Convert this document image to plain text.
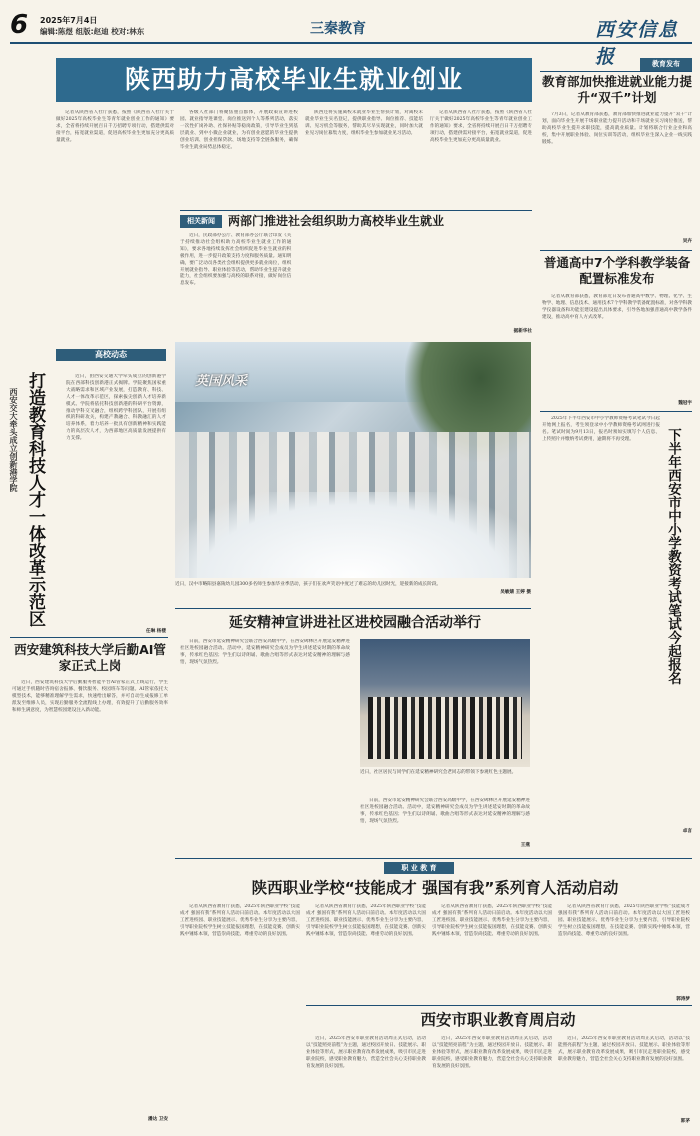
6 2025年7月4日
编辑:陈煜 组版:赵迪 校对:林东	三秦教育	西安信息报
陕西助力高校毕业生就业创业
记者从陕西省人社厅获悉，按照《陕西省人社厅关于做好2025年高校毕业生等青年就业创业工作的通知》要求，全省将持续开展百日千万招聘专项行动，搭建供需对接平台，拓宽就业渠道，促进高校毕业生更加充分更高质量就业。
各级人社部门将聚焦重点群体，开展政策宣讲进校园、就业指导进课堂、岗位推送到个人等系列活动，落实一次性扩岗补助、社保补贴等稳岗政策，引导毕业生到基层就业、到中小微企业就业，为有创业意愿的毕业生提供创业培训、创业担保贷款、场地支持等全链条服务，确保毕业生就业局势总体稳定。
陕西还将实施离校未就业毕业生帮扶计划，对离校未就业毕业生实名登记，提供职业指导、岗位推荐、技能培训、见习机会等服务，帮助其尽早实现就业，同时加大就业见习岗位募集力度，组织毕业生参加就业见习活动。
记者从陕西省人社厅获悉，按照《陕西省人社厅关于做好2025年高校毕业生等青年就业创业工作的通知》要求，全省将持续开展百日千万招聘专项行动，搭建供需对接平台，拓宽就业渠道，促进高校毕业生更加充分更高质量就业。
相关新闻	两部门推进社会组织助力高校毕业生就业
近日，民政部办公厅、教育部办公厅联合印发《关于持续推动社会组织助力高校毕业生就业工作的通知》，要求各地持续发挥社会组织促进毕业生就业的积极作用，进一步提升政策支持力度和服务质量。通知明确，要广泛动员各类社会组织提供更多就业岗位，组织开展就业指导、职业体验等活动，帮助毕业生提升就业能力，社会组织要加强与高校的联系对接，做好岗位信息发布。
据新华社
高校动态
打造教育科技人才一体改革示范区
西安交大牵头成立创新港学院
近日，由西安交通大学牵头成立的创新港学院在西部科技创新港正式揭牌。学院聚焦国家重大战略需求和区域产业发展，打造教育、科技、人才一体改革示范区，探索拔尖创新人才培养新模式。学院将依托科技创新港的科研平台资源，推动学科交叉融合，组织跨学科团队，开展有组织的科研攻关，构建产教融合、科教融汇的人才培养体系，着力培养一批具有创新精神和实践能力的高层次人才，为西部地区高质量发展提供有力支撑。
任琳 杨楼
西安建筑科技大学后勤AI管家正式上岗
近日，西安建筑科技大学后勤服务智能平台AI管家正式上线运行，学生可通过手机随时咨询宿舍报修、餐饮服务、校园班车等问题。AI管家依托大模型技术，能够精准理解学生需求，快速给出解答，并可自动生成报修工单派发至维修人员，实现后勤服务全流程线上办理，有效提升了后勤服务效率和师生满意度，为智慧校园建设注入新动能。
潘达 卫安
英国风采
近日，汉中市略阳县嘉陵幼儿园300多名师生参加毕业季活动，孩子们在欢声笑语中度过了难忘的幼儿园时光，迎接新的成长阶段。
吴敏婧 王婷 摄
延安精神宣讲进社区进校园融合活动举行
日前，西安市延安精神研究会联合西安高级中学，在西安碑林区开展延安精神进社区进校园融合活动。活动中，延安精神研究会成员为学生讲述延安时期的革命故事，传承红色基因；学生们以诗朗诵、歌曲合唱等形式表达对延安精神的理解与感悟，现场气氛热烈。
近日，社区居民与同学们在延安精神研究会老同志的带领下参观红色主题展。
日前，西安市延安精神研究会联合西安高级中学，在西安碑林区开展延安精神进社区进校园融合活动。活动中，延安精神研究会成员为学生讲述延安时期的革命故事，传承红色基因；学生们以诗朗诵、歌曲合唱等形式表达对延安精神的理解与感悟，现场气氛热烈。
王燕
教育发布
教育部加快推进就业能力提升“双千”计划
7月3日，记者从教育部获悉，教育部加快推进就业能力提升“双千”计划，面向毕业生开展千场职业能力提升活动和千场就业实习岗位推送，帮助高校毕业生提升求职技能，提高就业质量。计划将联合行业企业和高校，集中开展职业体验、岗位实训等活动，组织毕业生深入企业一线实践锻炼。
吴卉
普通高中7个学科教学装备配置标准发布
记者从教育部获悉，教育部近日发布普通高中数学、物理、化学、生物学、地理、信息技术、通用技术7个学科教学装备配置标准，对各学科教学仪器设备和功能室建设提出具体要求，引导各地加强普通高中教学条件建设，推动高中育人方式改革。
魏冠宇
2025年下半年西安市中小学教师资格考试笔试今日起开始网上报名，考生须登录中小学教师资格考试网进行报名。笔试时间为9月13日，报名时须如实填写个人信息、上传照片并缴纳考试费用，逾期将不再受理。	下半年西安市中小学教资考试笔试今起报名
卓言
职 业 教 育
陕西职业学校“技能成才 强国有我”系列育人活动启动
记者从陕西省教育厅获悉，2025年陕西职业学校“技能成才 强国有我”系列育人活动日前启动。本年度活动以大国工匠进校园、职业技能展示、优秀毕业生分享为主要内容，引导职业院校学生树立技能报国理想，在技能竞赛、创新实践中锤炼本领，营造崇尚技能、尊重劳动的良好氛围。
记者从陕西省教育厅获悉，2025年陕西职业学校“技能成才 强国有我”系列育人活动日前启动。本年度活动以大国工匠进校园、职业技能展示、优秀毕业生分享为主要内容，引导职业院校学生树立技能报国理想，在技能竞赛、创新实践中锤炼本领，营造崇尚技能、尊重劳动的良好氛围。
记者从陕西省教育厅获悉，2025年陕西职业学校“技能成才 强国有我”系列育人活动日前启动。本年度活动以大国工匠进校园、职业技能展示、优秀毕业生分享为主要内容，引导职业院校学生树立技能报国理想，在技能竞赛、创新实践中锤炼本领，营造崇尚技能、尊重劳动的良好氛围。
记者从陕西省教育厅获悉，2025年陕西职业学校“技能成才 强国有我”系列育人活动日前启动。本年度活动以大国工匠进校园、职业技能展示、优秀毕业生分享为主要内容，引导职业院校学生树立技能报国理想，在技能竞赛、创新实践中锤炼本领，营造崇尚技能、尊重劳动的良好氛围。
郭涛梦
西安市职业教育周启动
近日，2025年西安市职业教育活动周正式启动，活动以“技能照亮前程”为主题，通过校园开放日、技能展示、职业体验等形式，展示职业教育改革发展成果，吸引市民走进职业院校，感受职业教育魅力，营造全社会关心支持职业教育发展的良好氛围。
近日，2025年西安市职业教育活动周正式启动，活动以“技能照亮前程”为主题，通过校园开放日、技能展示、职业体验等形式，展示职业教育改革发展成果，吸引市民走进职业院校，感受职业教育魅力，营造全社会关心支持职业教育发展的良好氛围。
近日，2025年西安市职业教育活动周正式启动，活动以“技能照亮前程”为主题，通过校园开放日、技能展示、职业体验等形式，展示职业教育改革发展成果，吸引市民走进职业院校，感受职业教育魅力，营造全社会关心支持职业教育发展的良好氛围。
郭茅
